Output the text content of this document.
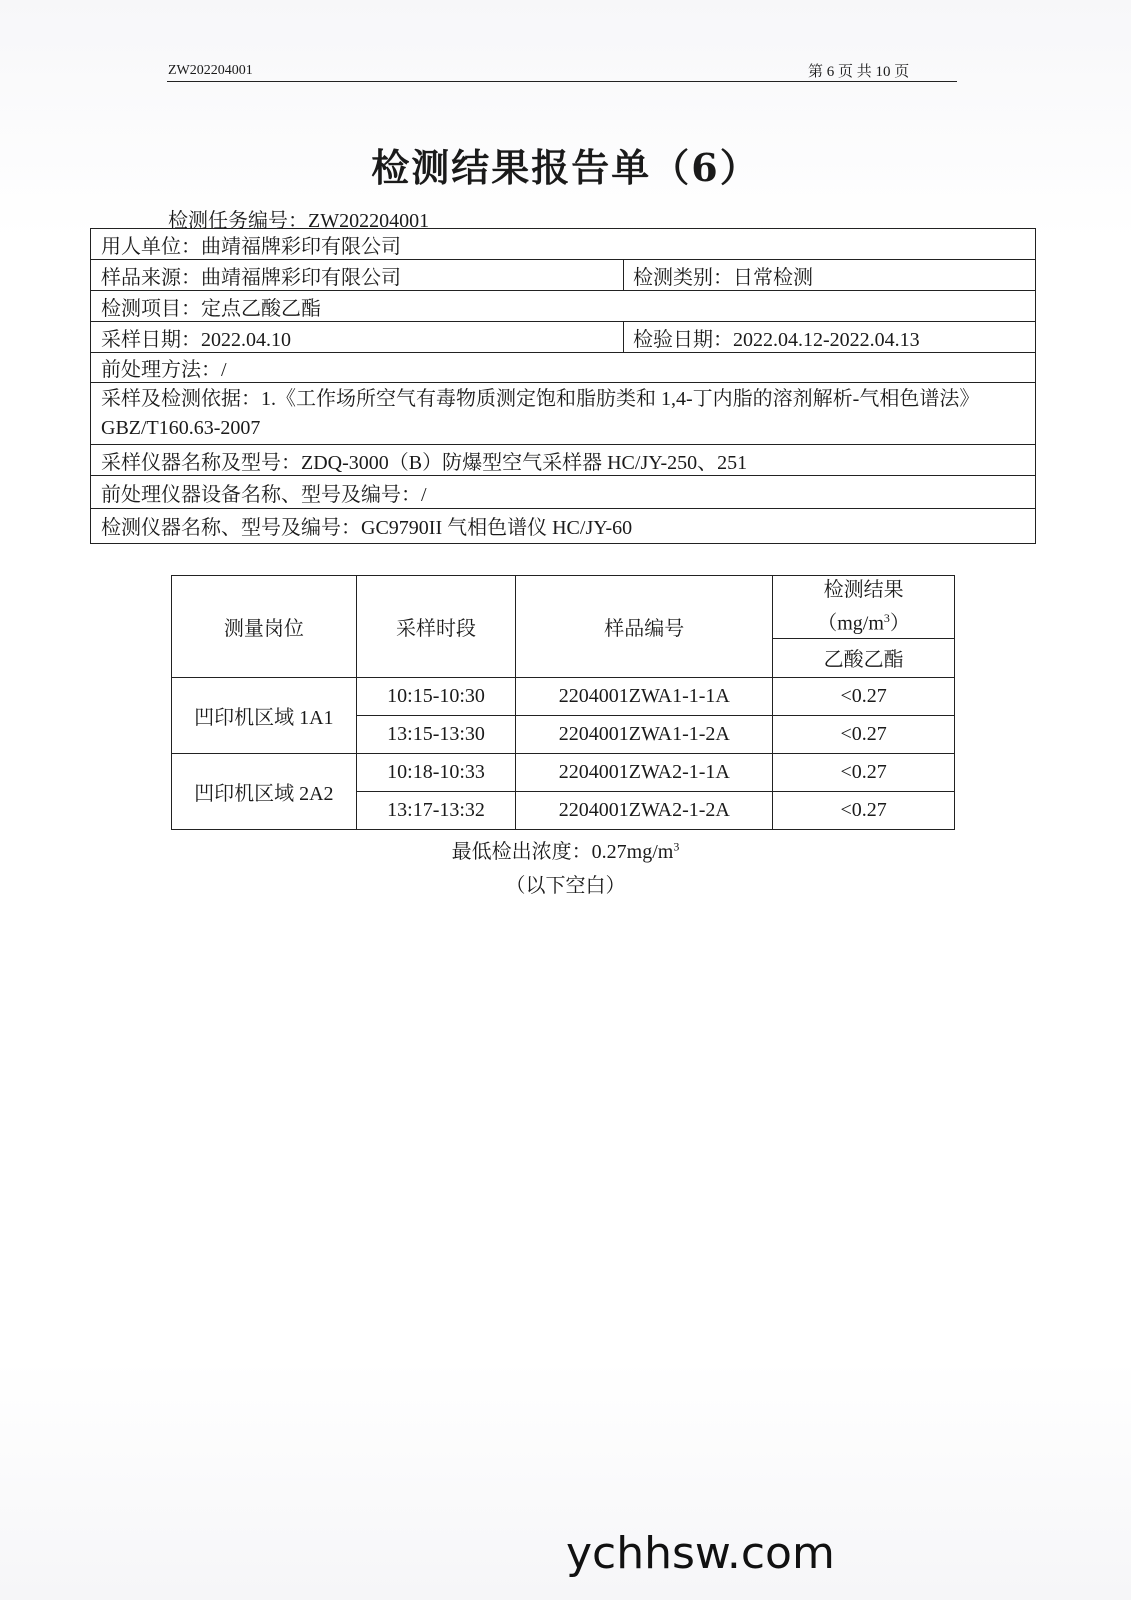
ZW202204001	第 6 页 共 10 页
检测结果报告单（6）
检测任务编号：ZW202204001
用人单位：曲靖福牌彩印有限公司
样品来源：曲靖福牌彩印有限公司	检测类别：日常检测
检测项目：定点乙酸乙酯
采样日期：2022.04.10	检验日期：2022.04.12-2022.04.13
前处理方法：/
采样及检测依据：1.《工作场所空气有毒物质测定饱和脂肪类和 1,4-丁内脂的溶剂解析-气相色谱法》GBZ/T160.63-2007
采样仪器名称及型号：ZDQ-3000（B）防爆型空气采样器 HC/JY-250、251
前处理仪器设备名称、型号及编号：/
检测仪器名称、型号及编号：GC9790II 气相色谱仪 HC/JY-60
测量岗位	采样时段	样品编号	检测结果
$(mg/m^3)$
			乙酸乙酯
凹印机区域 1A1	10:15-10:30	2204001ZWA1-1-1A	<0.27
	13:15-13:30	2204001ZWA1-1-2A	<0.27
凹印机区域 2A2	10:18-10:33	2204001ZWA2-1-1A	<0.27
	13:17-13:32	2204001ZWA2-1-2A	<0.27
最低检出浓度：$0.27mg/m^3$
（以下空白）
ychhsw.com
